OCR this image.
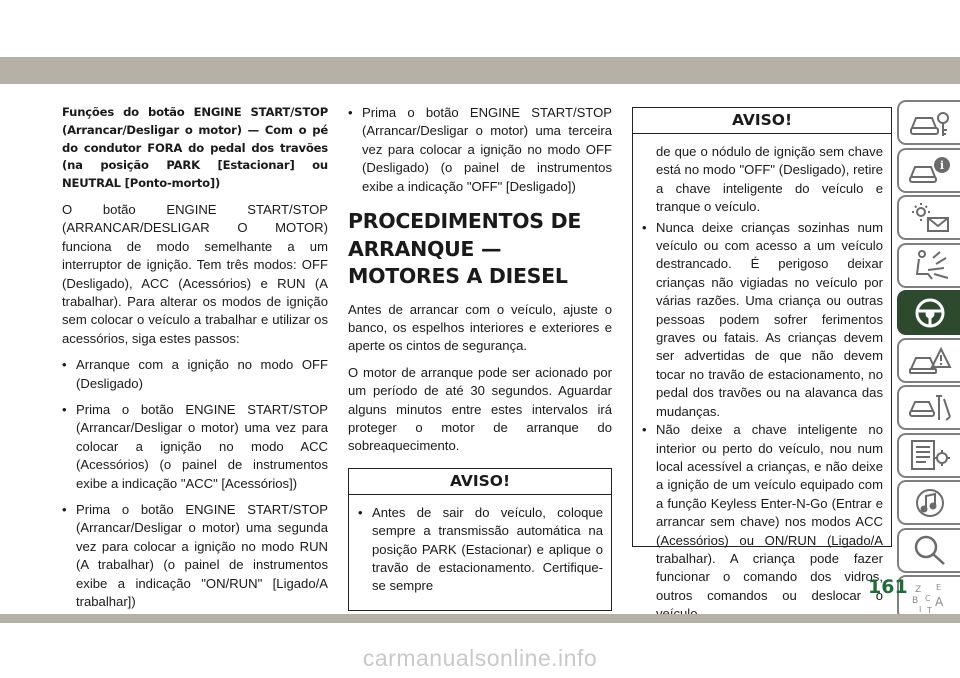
Funções do botão ENGINE START/STOP (Arrancar/Desligar o motor) — Com o pé do condutor FORA do pedal dos travões (na posição PARK [Estacionar] ou NEUTRAL [Ponto-morto])

O botão ENGINE START/STOP (ARRANCAR/DESLIGAR O MOTOR) funciona de modo semelhante a um interruptor de ignição. Tem três modos: OFF (Desligado), ACC (Acessórios) e RUN (A trabalhar). Para alterar os modos de ignição sem colocar o veículo a trabalhar e utilizar os acessórios, siga estes passos:

• Arranque com a ignição no modo OFF (Desligado)
• Prima o botão ENGINE START/STOP (Arrancar/Desligar o motor) uma vez para colocar a ignição no modo ACC (Acessórios) (o painel de instrumentos exibe a indicação "ACC" [Acessórios])
• Prima o botão ENGINE START/STOP (Arrancar/Desligar o motor) uma segunda vez para colocar a ignição no modo RUN (A trabalhar) (o painel de instrumentos exibe a indicação "ON/RUN" [Ligado/A trabalhar])
• Prima o botão ENGINE START/STOP (Arrancar/Desligar o motor) uma terceira vez para colocar a ignição no modo OFF (Desligado) (o painel de instrumentos exibe a indicação "OFF" [Desligado])
PROCEDIMENTOS DE ARRANQUE — MOTORES A DIESEL

Antes de arrancar com o veículo, ajuste o banco, os espelhos interiores e exteriores e aperte os cintos de segurança.

O motor de arranque pode ser acionado por um período de até 30 segundos. Aguardar alguns minutos entre estes intervalos irá proteger o motor de arranque do sobreaquecimento.

AVISO!
• Antes de sair do veículo, coloque sempre a transmissão automática na posição PARK (Estacionar) e aplique o travão de estacionamento. Certifique-se sempre
AVISO!
de que o nódulo de ignição sem chave está no modo "OFF" (Desligado), retire a chave inteligente do veículo e tranque o veículo.
• Nunca deixe crianças sozinhas num veículo ou com acesso a um veículo destrancado. É perigoso deixar crianças não vigiadas no veículo por várias razões. Uma criança ou outras pessoas podem sofrer ferimentos graves ou fatais. As crianças devem ser advertidas de que não devem tocar no travão de estacionamento, no pedal dos travões ou na alavanca das mudanças.
• Não deixe a chave inteligente no interior ou perto do veículo, nou num local acessível a crianças, e não deixe a ignição de um veículo equipado com a função Keyless Enter-N-Go (Entrar e arrancar sem chave) nos modos ACC (Acessórios) ou ON/RUN (Ligado/A trabalhar). A criança pode fazer funcionar o comando dos vidros, outros comandos ou deslocar o
i
Z E
B C A
I T
161
carmanualsonline.info
